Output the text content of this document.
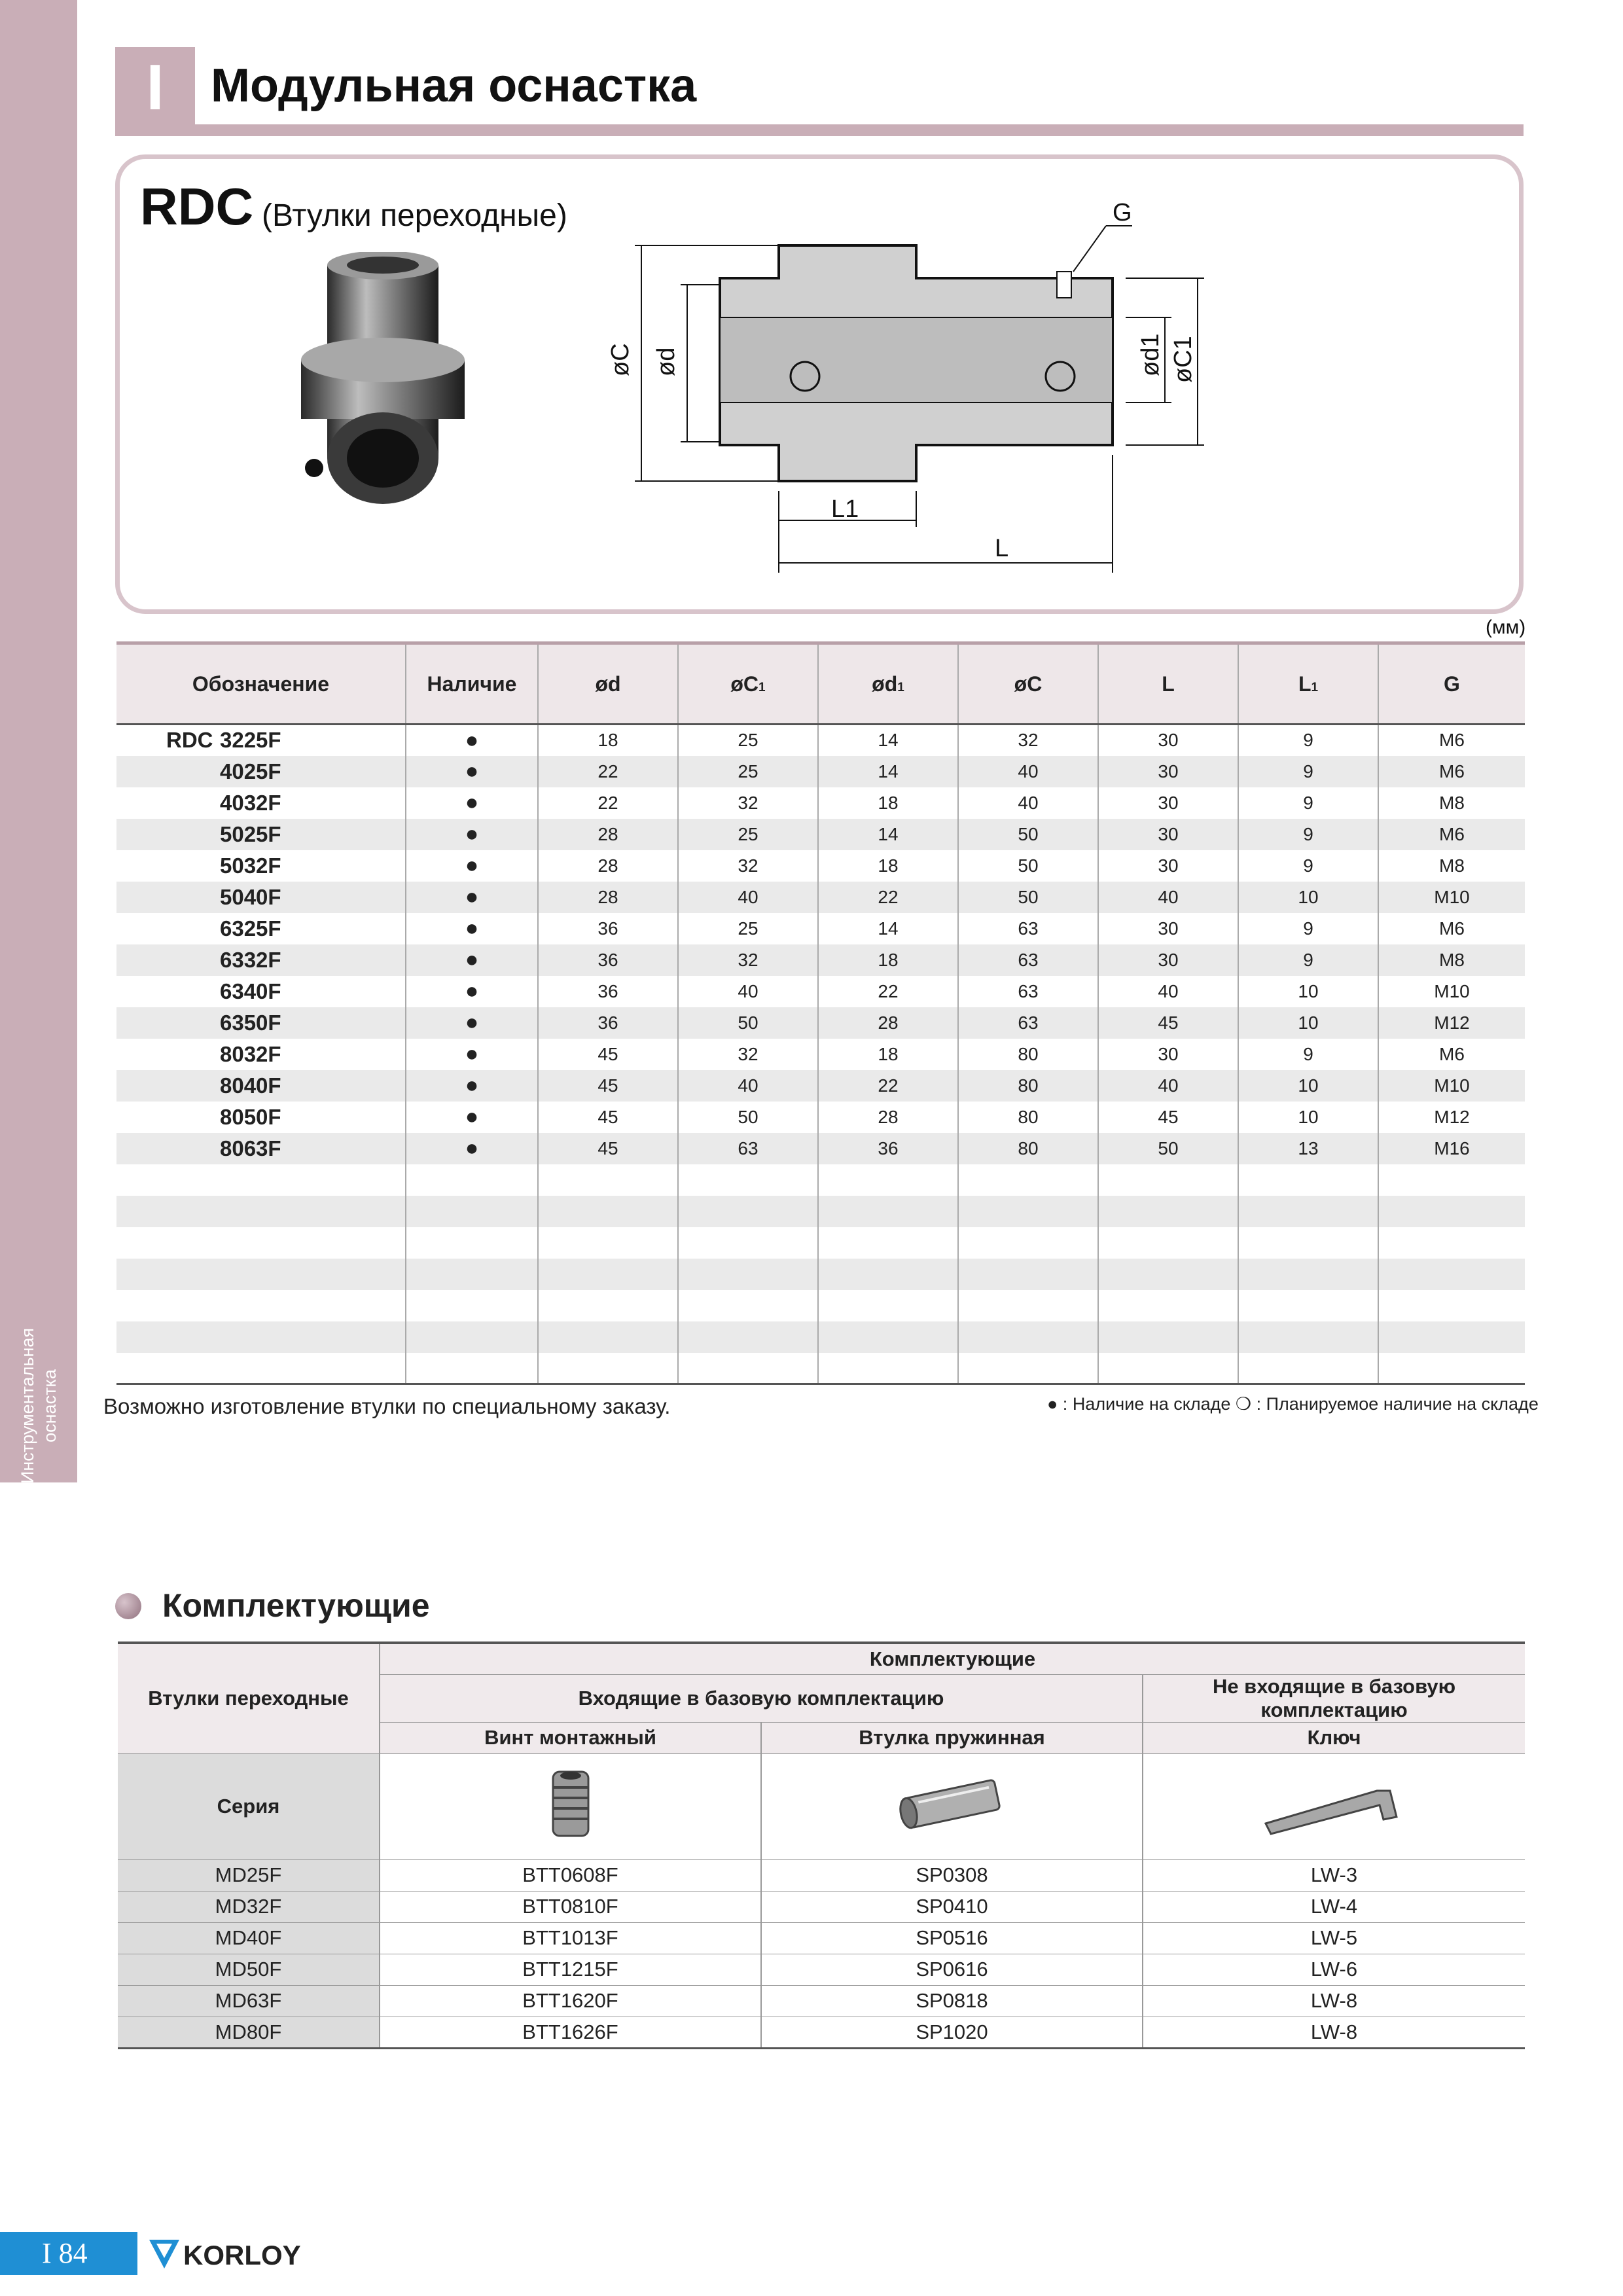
Инструментальная оснастка
I Модульная оснастка
RDC (Втулки переходные)	G
øC ød	ød1 øC1
L1
L
(мм)
Обозначение	Наличие	ød	øC1	ød1	øC	L	L1	G

RDC 3225F	●	18	25	14	32	30	9	M6
4025F	●	22	25	14	40	30	9	M6
4032F	●	22	32	18	40	30	9	M8
5025F	●	28	25	14	50	30	9	M6
5032F	●	28	32	18	50	30	9	M8
5040F	●	28	40	22	50	40	10	M10
6325F	●	36	25	14	63	30	9	M6
6332F	●	36	32	18	63	30	9	M8
6340F	●	36	40	22	63	40	10	M10
6350F	●	36	50	28	63	45	10	M12
8032F	●	45	32	18	80	30	9	M6
8040F	●	45	40	22	80	40	10	M10
8050F	●	45	50	28	80	45	10	M12
8063F	●	45	63	36	80	50	13	M16

Возможно изготовление втулки по специальному заказу.	● : Наличие на складе ❍ : Планируемое наличие на складе
Комплектующие
Втулки переходные	Комплектующие		
	Входящие в базовую комплектацию		Не входящие в базовую комплектацию
	Винт монтажный	Втулка пружинная	Ключ
Серия			
MD25F	BTT0608F	SP0308	LW-3
MD32F	BTT0810F	SP0410	LW-4
MD40F	BTT1013F	SP0516	LW-5
MD50F	BTT1215F	SP0616	LW-6
MD63F	BTT1620F	SP0818	LW-8
MD80F	BTT1626F	SP1020	LW-8
I 84	KORLOY
